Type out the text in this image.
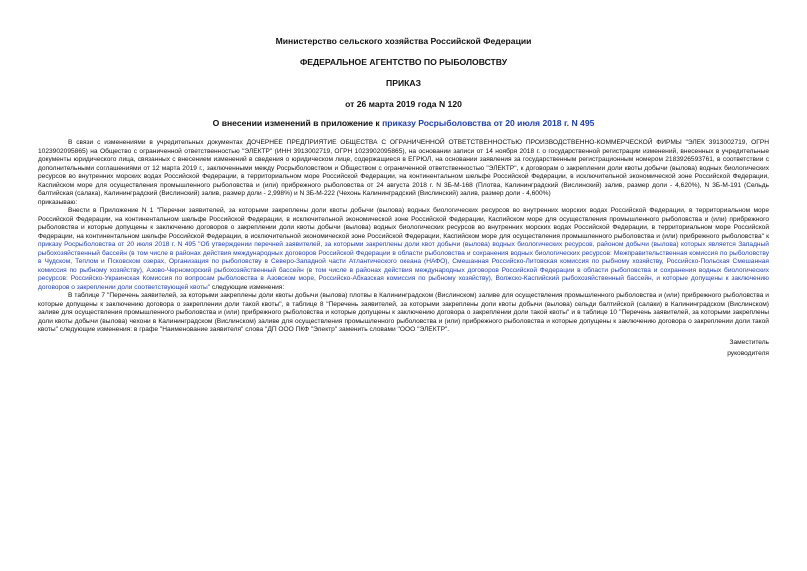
Министерство сельского хозяйства Российской Федерации
ФЕДЕРАЛЬНОЕ АГЕНТСТВО ПО РЫБОЛОВСТВУ
ПРИКАЗ
от 26 марта 2019 года N 120
О внесении изменений в приложение к приказу Росрыболовства от 20 июля 2018 г. N 495

В связи с изменениями в учредительных документах ДОЧЕРНЕЕ ПРЕДПРИЯТИЕ ОБЩЕСТВА С ОГРАНИЧЕННОЙ ОТВЕТСТВЕННОСТЬЮ ПРОИЗВОДСТВЕННО-КОММЕРЧЕСКОЙ ФИРМЫ "ЭЛЕК 3913002719, ОГРН 1023902095865) на Общество с ограниченной ответственностью "ЭЛЕКТР" (ИНН 3913002719, ОГРН 1023902095865), на основании записи от 14 ноября 2018 г. о государственной регистрации изменений, внесенных в учредительные документы юридического лица, связанных с внесением изменений в сведения о юридическом лице, содержащиеся в ЕГРЮЛ, на основании заявления за государственным регистрационным номером 2183926593761, в соответствии с дополнительными соглашениями от 12 марта 2019 г., заключенными между Росрыболовством и Обществом с ограниченной ответственностью "ЭЛЕКТР", к договорам о закреплении доли квоты добычи (вылова) водных биологических ресурсов во внутренних морских водах Российской Федерации, в территориальном море Российской Федерации, на континентальном шельфе Российской Федерации, в исключительной экономической зоне Российской Федерации, Каспийском море для осуществления промышленного рыболовства и (или) прибрежного рыболовства от 24 августа 2018 г. N 3Б-М-168 (Плотва, Калининградский (Вислинский) залив, размер доли - 4,620%), N 3Б-М-191 (Сельдь балтийская (салака), Калининградский (Вислинский) залив, размер доли - 2,998%) и N 3Б-М-222 (Чехонь Калининградский (Вислинский) залив, размер доли - 4,600%)

приказываю:

Внести в Приложение N 1 "Перечни заявителей, за которыми закреплены доли квоты добычи (вылова) водных биологических ресурсов во внутренних морских водах Российской Федерации, в территориальном море Российской Федерации, на континентальном шельфе Российской Федерации, в исключительной экономической зоне Российской Федерации, Каспийском море для осуществления промышленного рыболовства и (или) прибрежного рыболовства и которые допущены к заключению договоров о закреплении доли квоты добычи (вылова) водных биологических ресурсов во внутренних морских водах Российской Федерации, в территориальном море Российской Федерации, на континентальном шельфе Российской Федерации, в исключительной экономической зоне Российской Федерации, Каспийском море для осуществления промышленного рыболовства и (или) прибрежного рыболовства" к приказу Росрыболовства от 20 июля 2018 г. N 495 "Об утверждении перечней заявителей, за которыми закреплены доли квот добычи (вылова) водных биологических ресурсов, районом добычи (вылова) которых является Западный рыбохозяйственный бассейн (в том числе в районах действия международных договоров Российской Федерации в области рыболовства и сохранения водных биологических ресурсов: Межправительственная комиссия по рыболовству в Чудском, Теплом и Псковском озерах, Организация по рыболовству в Северо-Западной части Атлантического океана (НАФО), Смешанная Российско-Литовская комиссия по рыбному хозяйству, Российско-Польская Смешанная комиссия по рыбному хозяйству), Азово-Черноморский рыбохозяйственный бассейн (в том числе в районах действия международных договоров Российской Федерации в области рыболовства и сохранения водных биологических ресурсов: Российско-Украинская Комиссия по вопросам рыболовства в Азовском море, Российско-Абхазская комиссия по рыбному хозяйству), Волжско-Каспийский рыбохозяйственный бассейн, и которые допущены к заключению договоров о закреплении доли соответствующей квоты" следующие изменения:

В таблице 7 "Перечень заявителей, за которыми закреплены доли квоты добычи (вылова) плотвы в Калининградском (Вислинском) заливе для осуществления промышленного рыболовства и (или) прибрежного рыболовства и которые допущены к заключению договора о закреплении доли такой квоты", в таблице 8 "Перечень заявителей, за которыми закреплены доли квоты добычи (вылова) сельди балтийской (салаки) в Калининградском (Вислинском) заливе для осуществления промышленного рыболовства и (или) прибрежного рыболовства и которые допущены к заключению договора о закреплении доли такой квоты" и в таблице 10 "Перечень заявителей, за которыми закреплены доли квоты добычи (вылова) чехони в Калининградском (Вислинском) заливе для осуществления промышленного рыболовства и (или) прибрежного рыболовства и которые допущены к заключению договора о закреплении доли такой квоты" следующие изменения: в графе "Наименование заявителя" слова "ДП ООО ПКФ "Электр" заменить словами "ООО "ЭЛЕКТР".

Заместитель
руководителя
